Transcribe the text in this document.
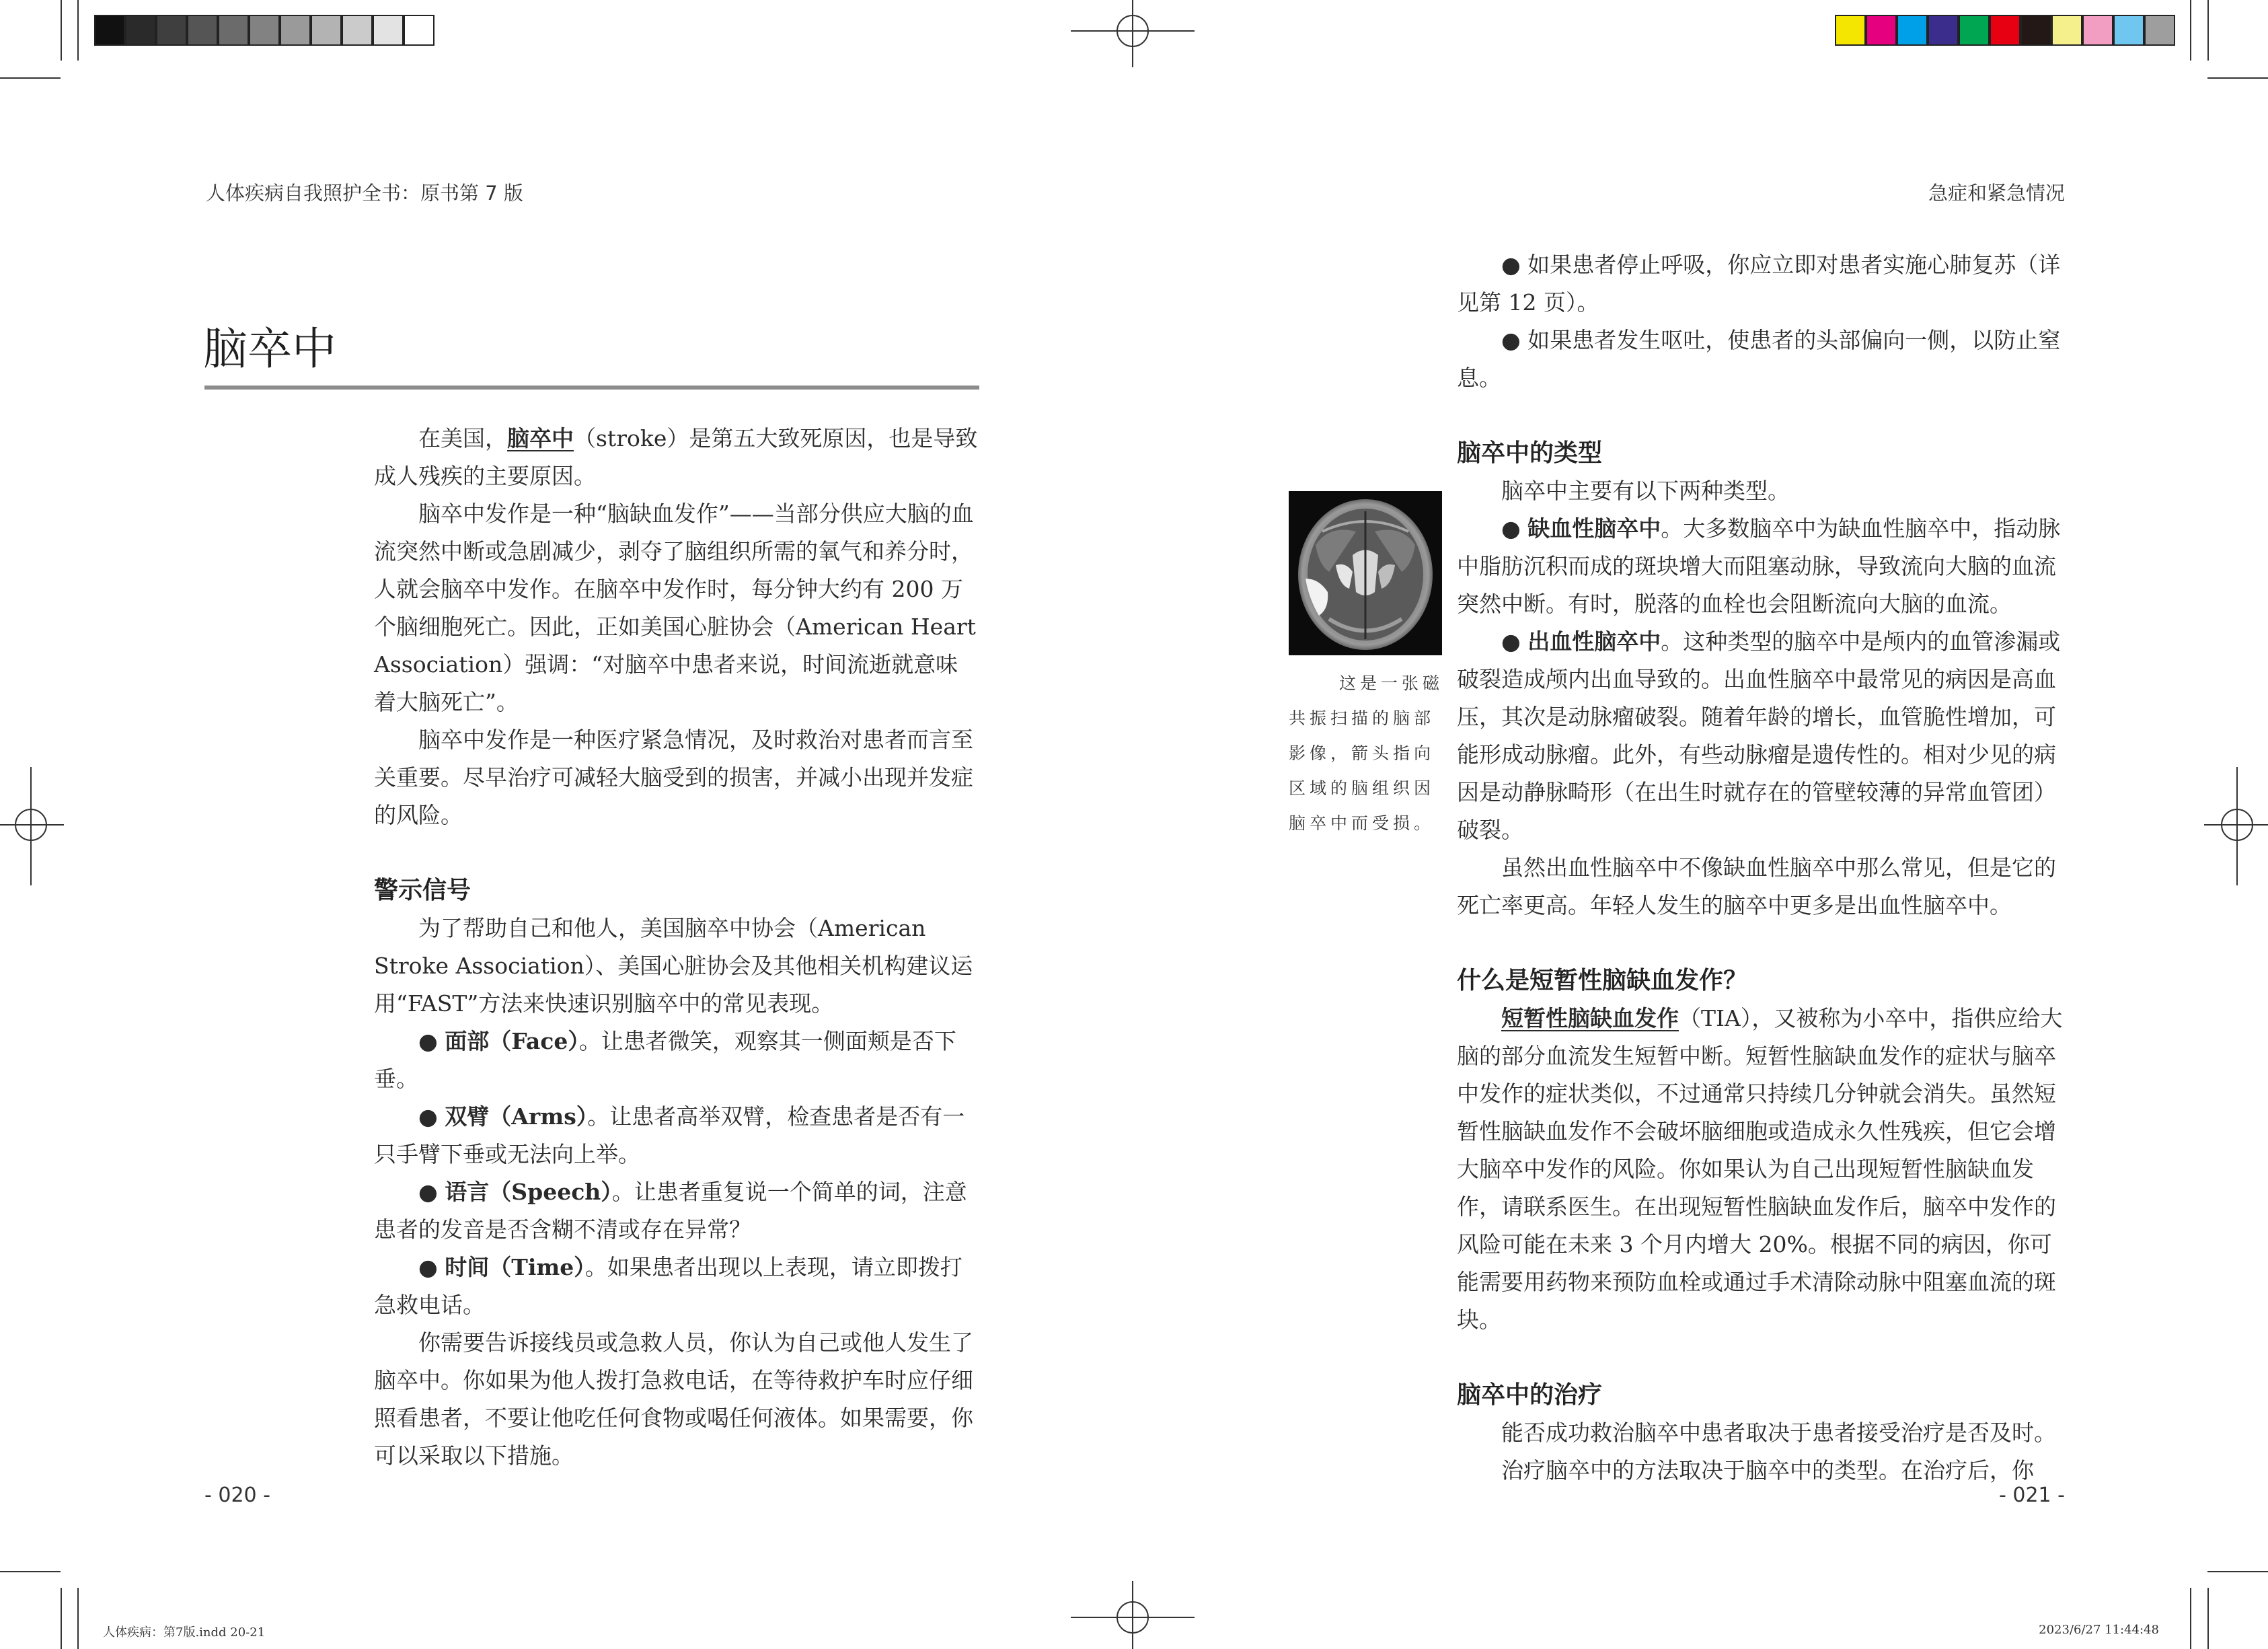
人体疾病自我照护全书：原书第 7 版
脑卒中

在美国，脑卒中（stroke）是第五大致死原因，也是导致成人残疾的主要原因。

脑卒中发作是一种“脑缺血发作”——当部分供应大脑的血流突然中断或急剧减少，剥夺了脑组织所需的氧气和养分时，人就会脑卒中发作。在脑卒中发作时，每分钟大约有 200 万个脑细胞死亡。因此，正如美国心脏协会（American Heart Association）强调：“对脑卒中患者来说，时间流逝就意味着大脑死亡”。

脑卒中发作是一种医疗紧急情况，及时救治对患者而言至关重要。尽早治疗可减轻大脑受到的损害，并减小出现并发症的风险。

警示信号

为了帮助自己和他人，美国脑卒中协会（American Stroke Association）、美国心脏协会及其他相关机构建议运用“FAST”方法来快速识别脑卒中的常见表现。

● 面部（Face）。让患者微笑，观察其一侧面颊是否下垂。

● 双臂（Arms）。让患者高举双臂，检查患者是否有一只手臂下垂或无法向上举。

● 语言（Speech）。让患者重复说一个简单的词，注意患者的发音是否含糊不清或存在异常？

● 时间（Time）。如果患者出现以上表现，请立即拨打急救电话。

你需要告诉接线员或急救人员，你认为自己或他人发生了脑卒中。你如果为他人拨打急救电话，在等待救护车时应仔细照看患者，不要让他吃任何食物或喝任何液体。如果需要，你可以采取以下措施。

- 020 -
人体疾病：第7版.indd 20-21
急症和紧急情况

● 如果患者停止呼吸，你应立即对患者实施心肺复苏（详见第 12 页）。

● 如果患者发生呕吐，使患者的头部偏向一侧，以防止窒息。

脑卒中的类型

脑卒中主要有以下两种类型。

● 缺血性脑卒中。大多数脑卒中为缺血性脑卒中，指动脉中脂肪沉积而成的斑块增大而阻塞动脉，导致流向大脑的血流突然中断。有时，脱落的血栓也会阻断流向大脑的血流。

● 出血性脑卒中。这种类型的脑卒中是颅内的血管渗漏或破裂造成颅内出血导致的。出血性脑卒中最常见的病因是高血压，其次是动脉瘤破裂。随着年龄的增长，血管脆性增加，可能形成动脉瘤。此外，有些动脉瘤是遗传性的。相对少见的病因是动静脉畸形（在出生时就存在的管壁较薄的异常血管团）破裂。

虽然出血性脑卒中不像缺血性脑卒中那么常见，但是它的死亡率更高。年轻人发生的脑卒中更多是出血性脑卒中。

什么是短暂性脑缺血发作？

短暂性脑缺血发作（TIA），又被称为小卒中，指供应给大脑的部分血流发生短暂中断。短暂性脑缺血发作的症状与脑卒中发作的症状类似，不过通常只持续几分钟就会消失。虽然短暂性脑缺血发作不会破坏脑细胞或造成永久性残疾，但它会增大脑卒中发作的风险。你如果认为自己出现短暂性脑缺血发作，请联系医生。在出现短暂性脑缺血发作后，脑卒中发作的风险可能在未来 3 个月内增大 20%。根据不同的病因，你可能需要用药物来预防血栓或通过手术清除动脉中阻塞血流的斑块。

脑卒中的治疗

能否成功救治脑卒中患者取决于患者接受治疗是否及时。

治疗脑卒中的方法取决于脑卒中的类型。在治疗后，你

这是一张磁

共振扫描的脑部

影像，箭头指向

区域的脑组织因

脑卒中而受损。

- 021 -
2023/6/27 11:44:48
